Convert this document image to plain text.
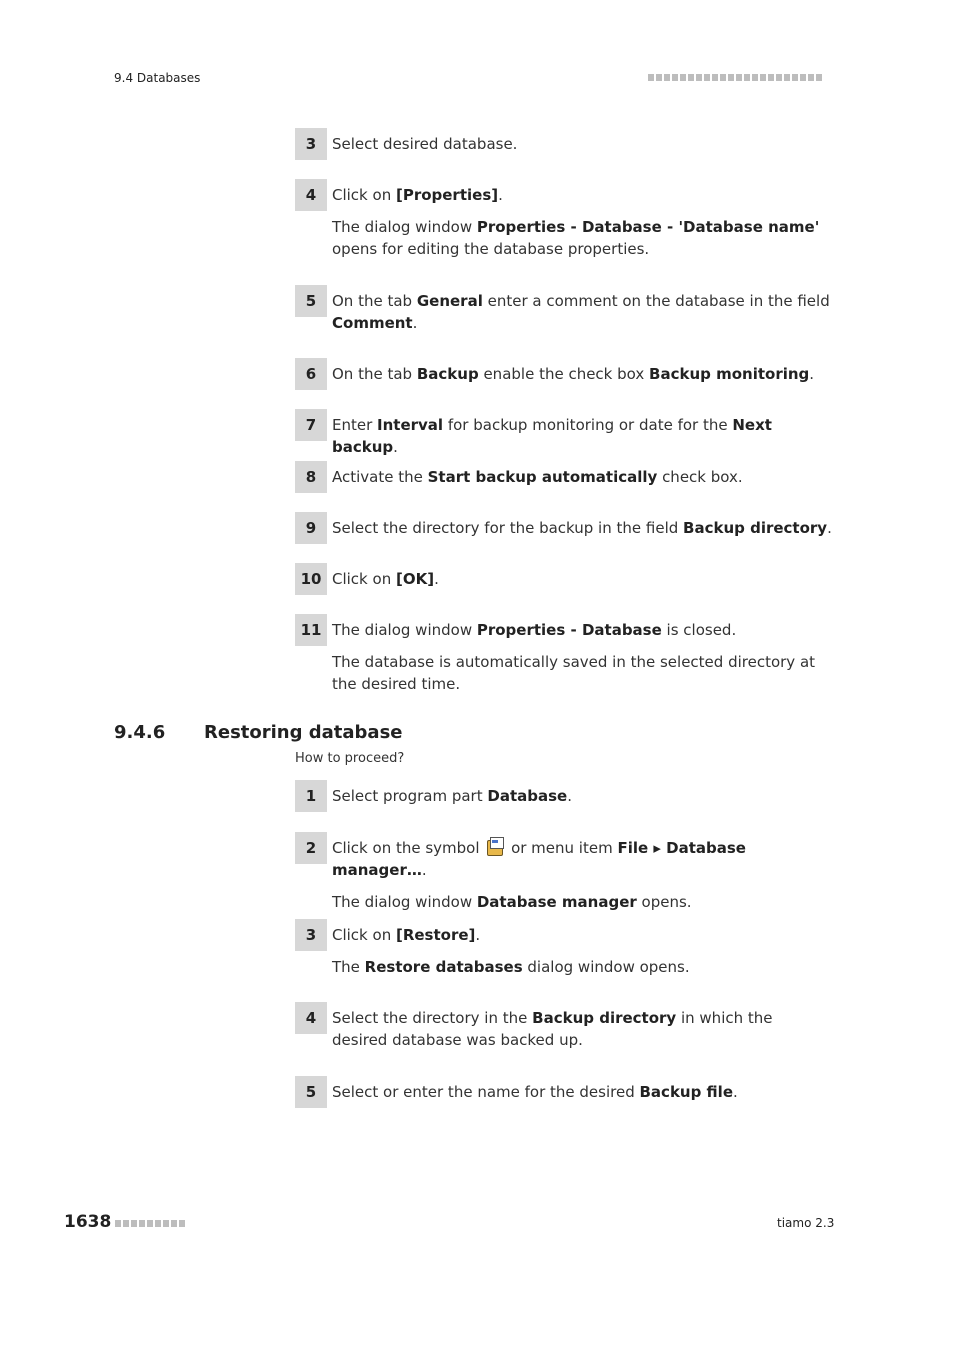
9.4 Databases
3	Select desired database.

4	Click on [Properties].

The dialog window Properties - Database - 'Database name' opens for editing the database properties.

5	On the tab General enter a comment on the database in the field Comment.

6	On the tab Backup enable the check box Backup monitoring.

7	Enter Interval for backup monitoring or date for the Next backup.

8	Activate the Start backup automatically check box.

9	Select the directory for the backup in the field Backup directory.

10 Click on [OK].

11 The dialog window Properties - Database is closed.

The database is automatically saved in the selected directory at the desired time.

9.4.6 Restoring database
How to proceed?
1	Select program part Database.

2	Click on the symbol
or menu item File ▸ Database manager….

The dialog window Database manager opens.

3	Click on [Restore].

The Restore databases dialog window opens.

4	Select the directory in the Backup directory in which the desired database was backed up.

5	Select or enter the name for the desired Backup file.

1638	tiamo 2.3
